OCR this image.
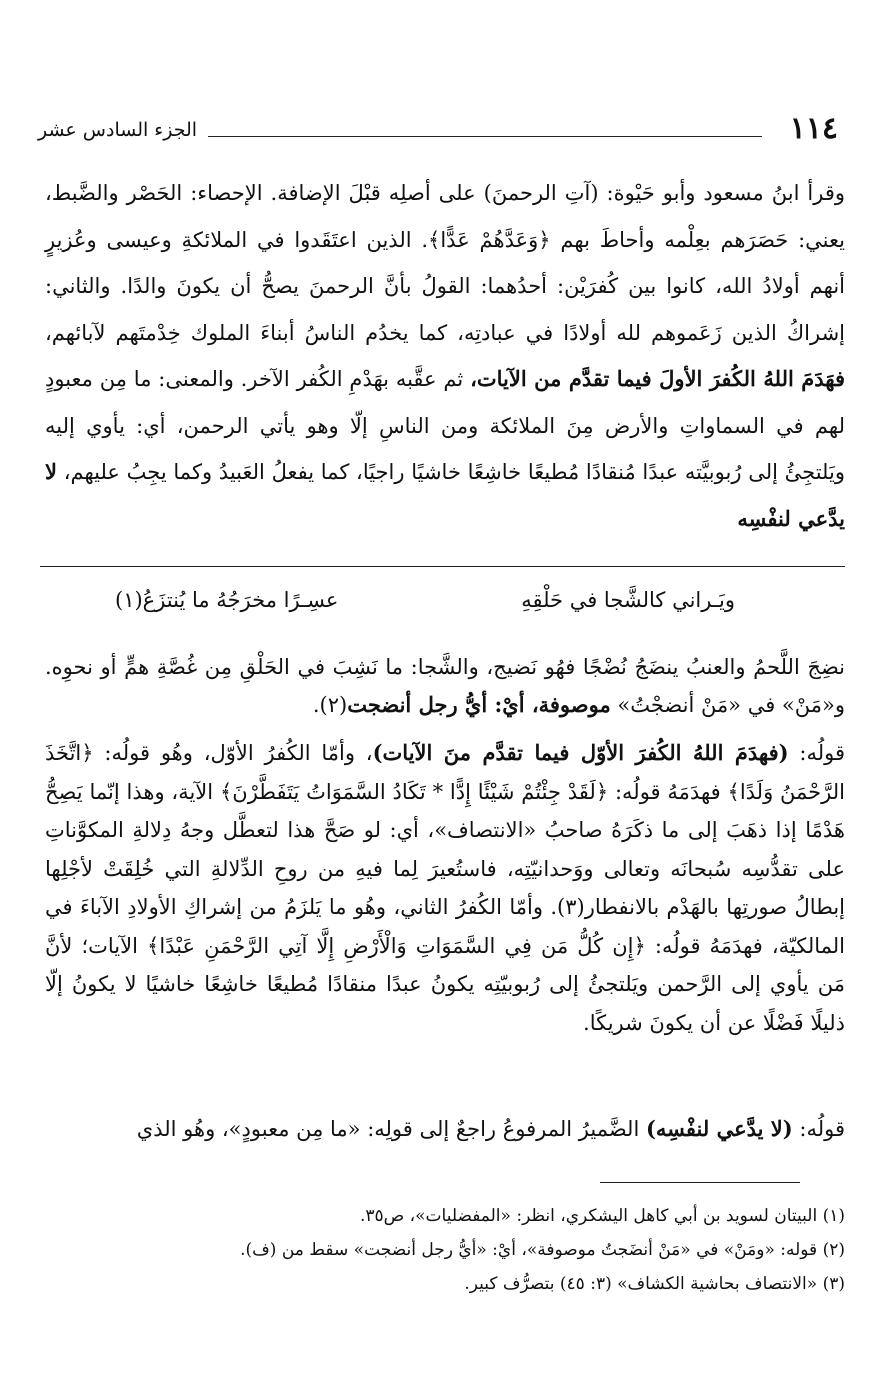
١١٤
الجزء السادس عشر
وقرأ ابنُ مسعود وأبو حَيْوة: (آتِ الرحمنَ) على أصلِه قبْلَ الإضافة. الإحصاء: الحَصْر والضَّبط، يعني: حَصَرَهم بعِلْمه وأحاطَ بهم ﴿وَعَدَّهُمْ عَدًّا﴾. الذين اعتَقَدوا في الملائكةِ وعيسى وعُزيرٍ أنهم أولادُ الله، كانوا بين كُفرَيْن: أحدُهما: القولُ بأنَّ الرحمنَ يصحُّ أن يكونَ والدًا. والثاني: إشراكُ الذين زَعَموهم لله أولادًا في عبادتِه، كما يخدُم الناسُ أبناءَ الملوك خِدْمتَهم لآبائهم، فهَدَمَ اللهُ الكُفرَ الأولَ فيما تقدَّم من الآيات، ثم عقَّبه بهَدْمِ الكُفر الآخر. والمعنى: ما مِن معبودٍ لهم في السماواتِ والأرض مِنَ الملائكة ومن الناسِ إلّا وهو يأتي الرحمن، أي: يأوي إليه ويَلتجِئُ إلى رُبوبيَّته عبدًا مُنقادًا مُطيعًا خاشِعًا خاشيًا راجيًا، كما يفعلُ العَبيدُ وكما يجِبُ عليهم، لا يدَّعي لنفْسِه
ويَـراني كالشَّجا في حَلْقِهِ
عسِـرًا مخرَجُهُ ما يُنتزَعُ(١)
نضِجَ اللَّحمُ والعنبُ ينضَجُ نُضْجًا فهُو نَضيج، والشَّجا: ما نَشِبَ في الحَلْقِ مِن غُصَّةِ همٍّ أو نحوِه. و«مَنْ» في «مَنْ أنضجْتُ» موصوفة، أيْ: أيُّ رجل أنضجت(٢).
قولُه: (فهدَمَ اللهُ الكُفرَ الأوّل فيما تقدَّم منَ الآيات)، وأمّا الكُفرُ الأوّل، وهُو قولُه: ﴿اتَّخَذَ الرَّحْمَنُ وَلَدًا﴾ فهدَمَهُ قولُه: ﴿لَقَدْ جِئْتُمْ شَيْئًا إِدًّا * تَكَادُ السَّمَوَاتُ يَتَفَطَّرْنَ﴾ الآية، وهذا إنّما يَصِحُّ هَدْمًا إذا ذهَبَ إلى ما ذكَرَهُ صاحبُ «الانتصاف»، أي: لو صَحَّ هذا لتعطَّل وجهُ دِلالةِ المكوَّناتِ على تقدُّسِه سُبحانَه وتعالى ووَحدانيّتِه، فاستُعيرَ لِما فيهِ من روحِ الدِّلالةِ التي خُلِقَتْ لأجْلِها إبطالُ صورتِها بالهَدْم بالانفطار(٣). وأمّا الكُفرُ الثاني، وهُو ما يَلزَمُ من إشراكِ الأولادِ الآباءَ في المالكيّة، فهدَمَهُ قولُه: ﴿إِن كُلُّ مَن فِي السَّمَوَاتِ وَالْأَرْضِ إِلَّا آتِي الرَّحْمَنِ عَبْدًا﴾ الآيات؛ لأنَّ مَن يأوي إلى الرَّحمن ويَلتجئُ إلى رُبوبيّتِه يكونُ عبدًا منقادًا مُطيعًا خاشِعًا خاشيًا لا يكونُ إلّا ذليلًا فَضْلًا عن أن يكونَ شريكًا.
قولُه: (لا يدَّعي لنفْسِه) الضَّميرُ المرفوعُ راجعٌ إلى قولِه: «ما مِن معبودٍ»، وهُو الذي
(١) البيتان لسويد بن أبي كاهل اليشكري، انظر: «المفضليات»، ص٣٥.
(٢) قوله: «ومَنْ» في «مَنْ أنضَجتُ موصوفة»، أيْ: «أيُّ رجل أنضجت» سقط من (ف).
(٣) «الانتصاف بحاشية الكشاف» (٣: ٤٥) بتصرُّف كبير.
